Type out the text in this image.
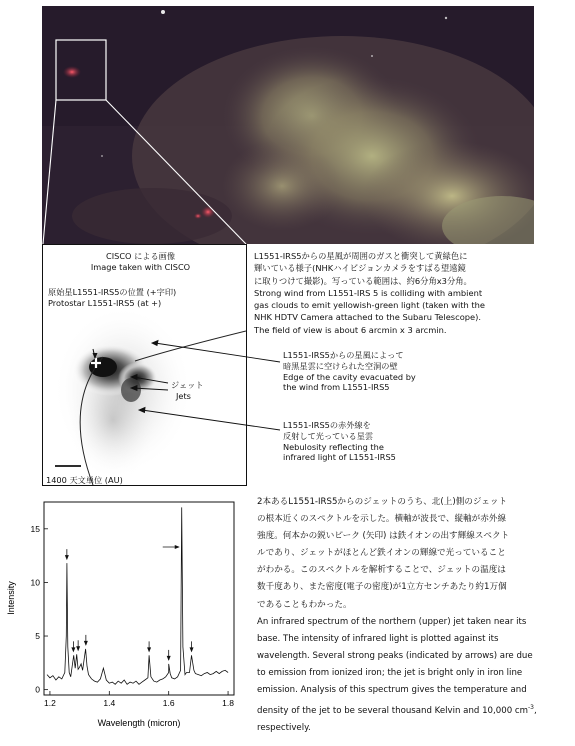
L1551-IRS5からの星風が周囲のガスと衝突して黄緑色に
輝いている様子(NHKハイビジョンカメラをすばる望遠鏡
に取りつけて撮影)。写っている範囲は、約6分角x3分角。
Strong wind from L1551-IRS 5 is colliding with ambient
gas clouds to emit yellowish-green light (taken with the
NHK HDTV Camera attached to the Subaru Telescope).
The field of view is about 6 arcmin x 3 arcmin.
CISCO による画像
Image taken with CISCO
原始星L1551-IRS5の位置 (+字印)
Protostar L1551-IRS5 (at +)
ジェット
Jets
1400 天文単位 (AU)
L1551-IRS5からの星風によって
暗黒星雲に空けられた空洞の壁
Edge of the cavity evacuated by
the wind from L1551-IRS5
L1551-IRS5の赤外線を
反射して光っている星雲
Nebulosity reflecting the
infrared light of L1551-IRS5
1.2	1.4	1.6	1.8
0
5
10
15
Wavelength (micron)
Intensity
2本あるL1551-IRS5からのジェットのうち、北(上)側のジェット
の根本近くのスペクトルを示した。横軸が波長で、縦軸が赤外線
強度。何本かの鋭いピーク (矢印) は鉄イオンの出す輝線スペクト
ルであり、ジェットがほとんど鉄イオンの輝線で光っていること
がわかる。このスペクトルを解析することで、ジェットの温度は
数千度あり、また密度(電子の密度)が1立方センチあたり約1万個
であることもわかった。
An infrared spectrum of the northern (upper) jet taken near its
base. The intensity of infrared light is plotted against its
wavelength. Several strong peaks (indicated by arrows) are due
to emission from ionized iron; the jet is bright only in iron line
emission. Analysis of this spectrum gives the temperature and
density of the jet to be several thousand Kelvin and 10,000 $cm^{-3}$,
respectively.
